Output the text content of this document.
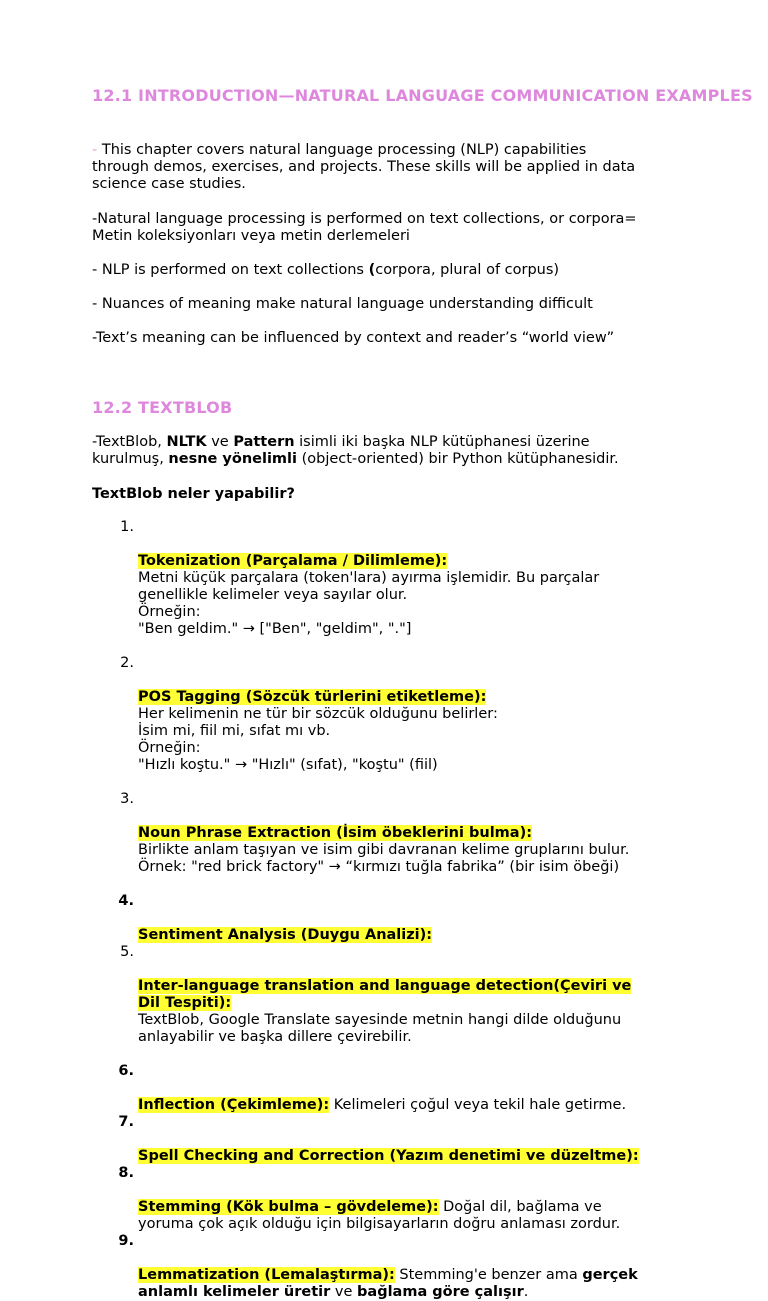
12.1 INTRODUCTION—NATURAL LANGUAGE COMMUNICATION EXAMPLES

- This chapter covers natural language processing (NLP) capabilities
through demos, exercises, and projects. These skills will be applied in data
science case studies.

-Natural language processing is performed on text collections, or corpora=
Metin koleksiyonları veya metin derlemeleri

- NLP is performed on text collections (corpora, plural of corpus)

- Nuances of meaning make natural language understanding difficult

-Text’s meaning can be influenced by context and reader’s “world view”

12.2 TEXTBLOB

-TextBlob, NLTK ve Pattern isimli iki başka NLP kütüphanesi üzerine
kurulmuş, nesne yönelimli (object-oriented) bir Python kütüphanesidir.

TextBlob neler yapabilir?

1.

Tokenization (Parçalama / Dilimleme):

Metni küçük parçalara (token'lara) ayırma işlemidir. Bu parçalar
genellikle kelimeler veya sayılar olur.
Örneğin:
"Ben geldim." → ["Ben", "geldim", "."]

2.

POS Tagging (Sözcük türlerini etiketleme):

Her kelimenin ne tür bir sözcük olduğunu belirler:
İsim mi, fiil mi, sıfat mı vb.
Örneğin:
"Hızlı koştu." → "Hızlı" (sıfat), "koştu" (fiil)

3.

Noun Phrase Extraction (İsim öbeklerini bulma):

Birlikte anlam taşıyan ve isim gibi davranan kelime gruplarını bulur.
Örnek: "red brick factory" → “kırmızı tuğla fabrika” (bir isim öbeği)

4.

Sentiment Analysis (Duygu Analizi):

5.

Inter-language translation and language detection(Çeviri ve
Dil Tespiti):

TextBlob, Google Translate sayesinde metnin hangi dilde olduğunu
anlayabilir ve başka dillere çevirebilir.

6.

Inflection (Çekimleme): Kelimeleri çoğul veya tekil hale getirme.

7.

Spell Checking and Correction (Yazım denetimi ve düzeltme):

8.

Stemming (Kök bulma – gövdeleme): Doğal dil, bağlama ve
yoruma çok açık olduğu için bilgisayarların doğru anlaması zordur.

9.

Lemmatization (Lemalaştırma): Stemming'e benzer ama gerçek
anlamlı kelimeler üretir ve bağlama göre çalışır.
